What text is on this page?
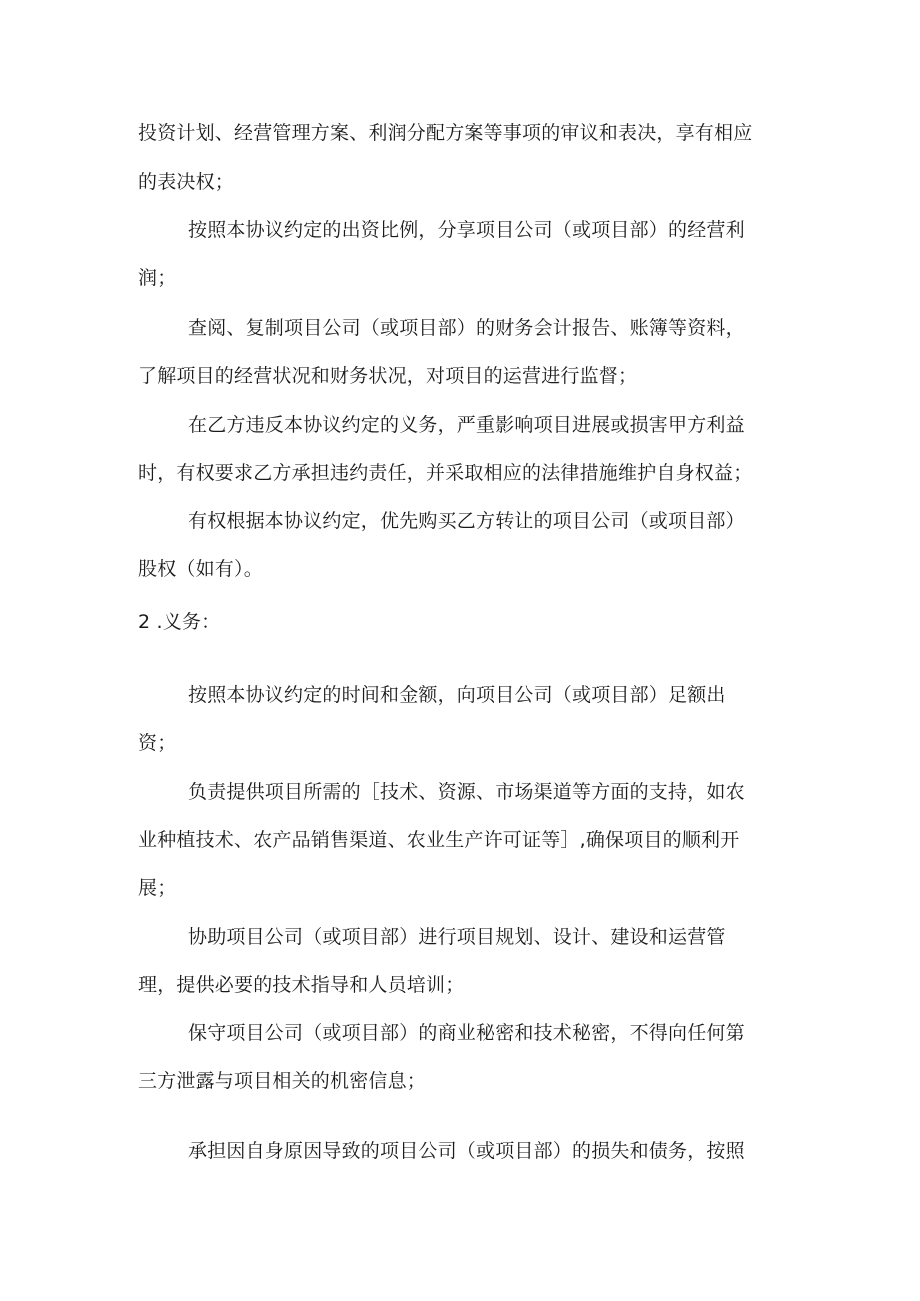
投资计划、经营管理方案、利润分配方案等事项的审议和表决，享有相应

的表决权；

按照本协议约定的出资比例，分享项目公司（或项目部）的经营利

润；

查阅、复制项目公司（或项目部）的财务会计报告、账簿等资料，

了解项目的经营状况和财务状况，对项目的运营进行监督；

在乙方违反本协议约定的义务，严重影响项目进展或损害甲方利益

时，有权要求乙方承担违约责任，并采取相应的法律措施维护自身权益；

有权根据本协议约定，优先购买乙方转让的项目公司（或项目部）

股权（如有）。

2 .义务：

按照本协议约定的时间和金额，向项目公司（或项目部）足额出

资；

负责提供项目所需的［技术、资源、市场渠道等方面的支持，如农

业种植技术、农产品销售渠道、农业生产许可证等］,确保项目的顺利开

展；

协助项目公司（或项目部）进行项目规划、设计、建设和运营管

理，提供必要的技术指导和人员培训；

保守项目公司（或项目部）的商业秘密和技术秘密，不得向任何第

三方泄露与项目相关的机密信息；

承担因自身原因导致的项目公司（或项目部）的损失和债务，按照
